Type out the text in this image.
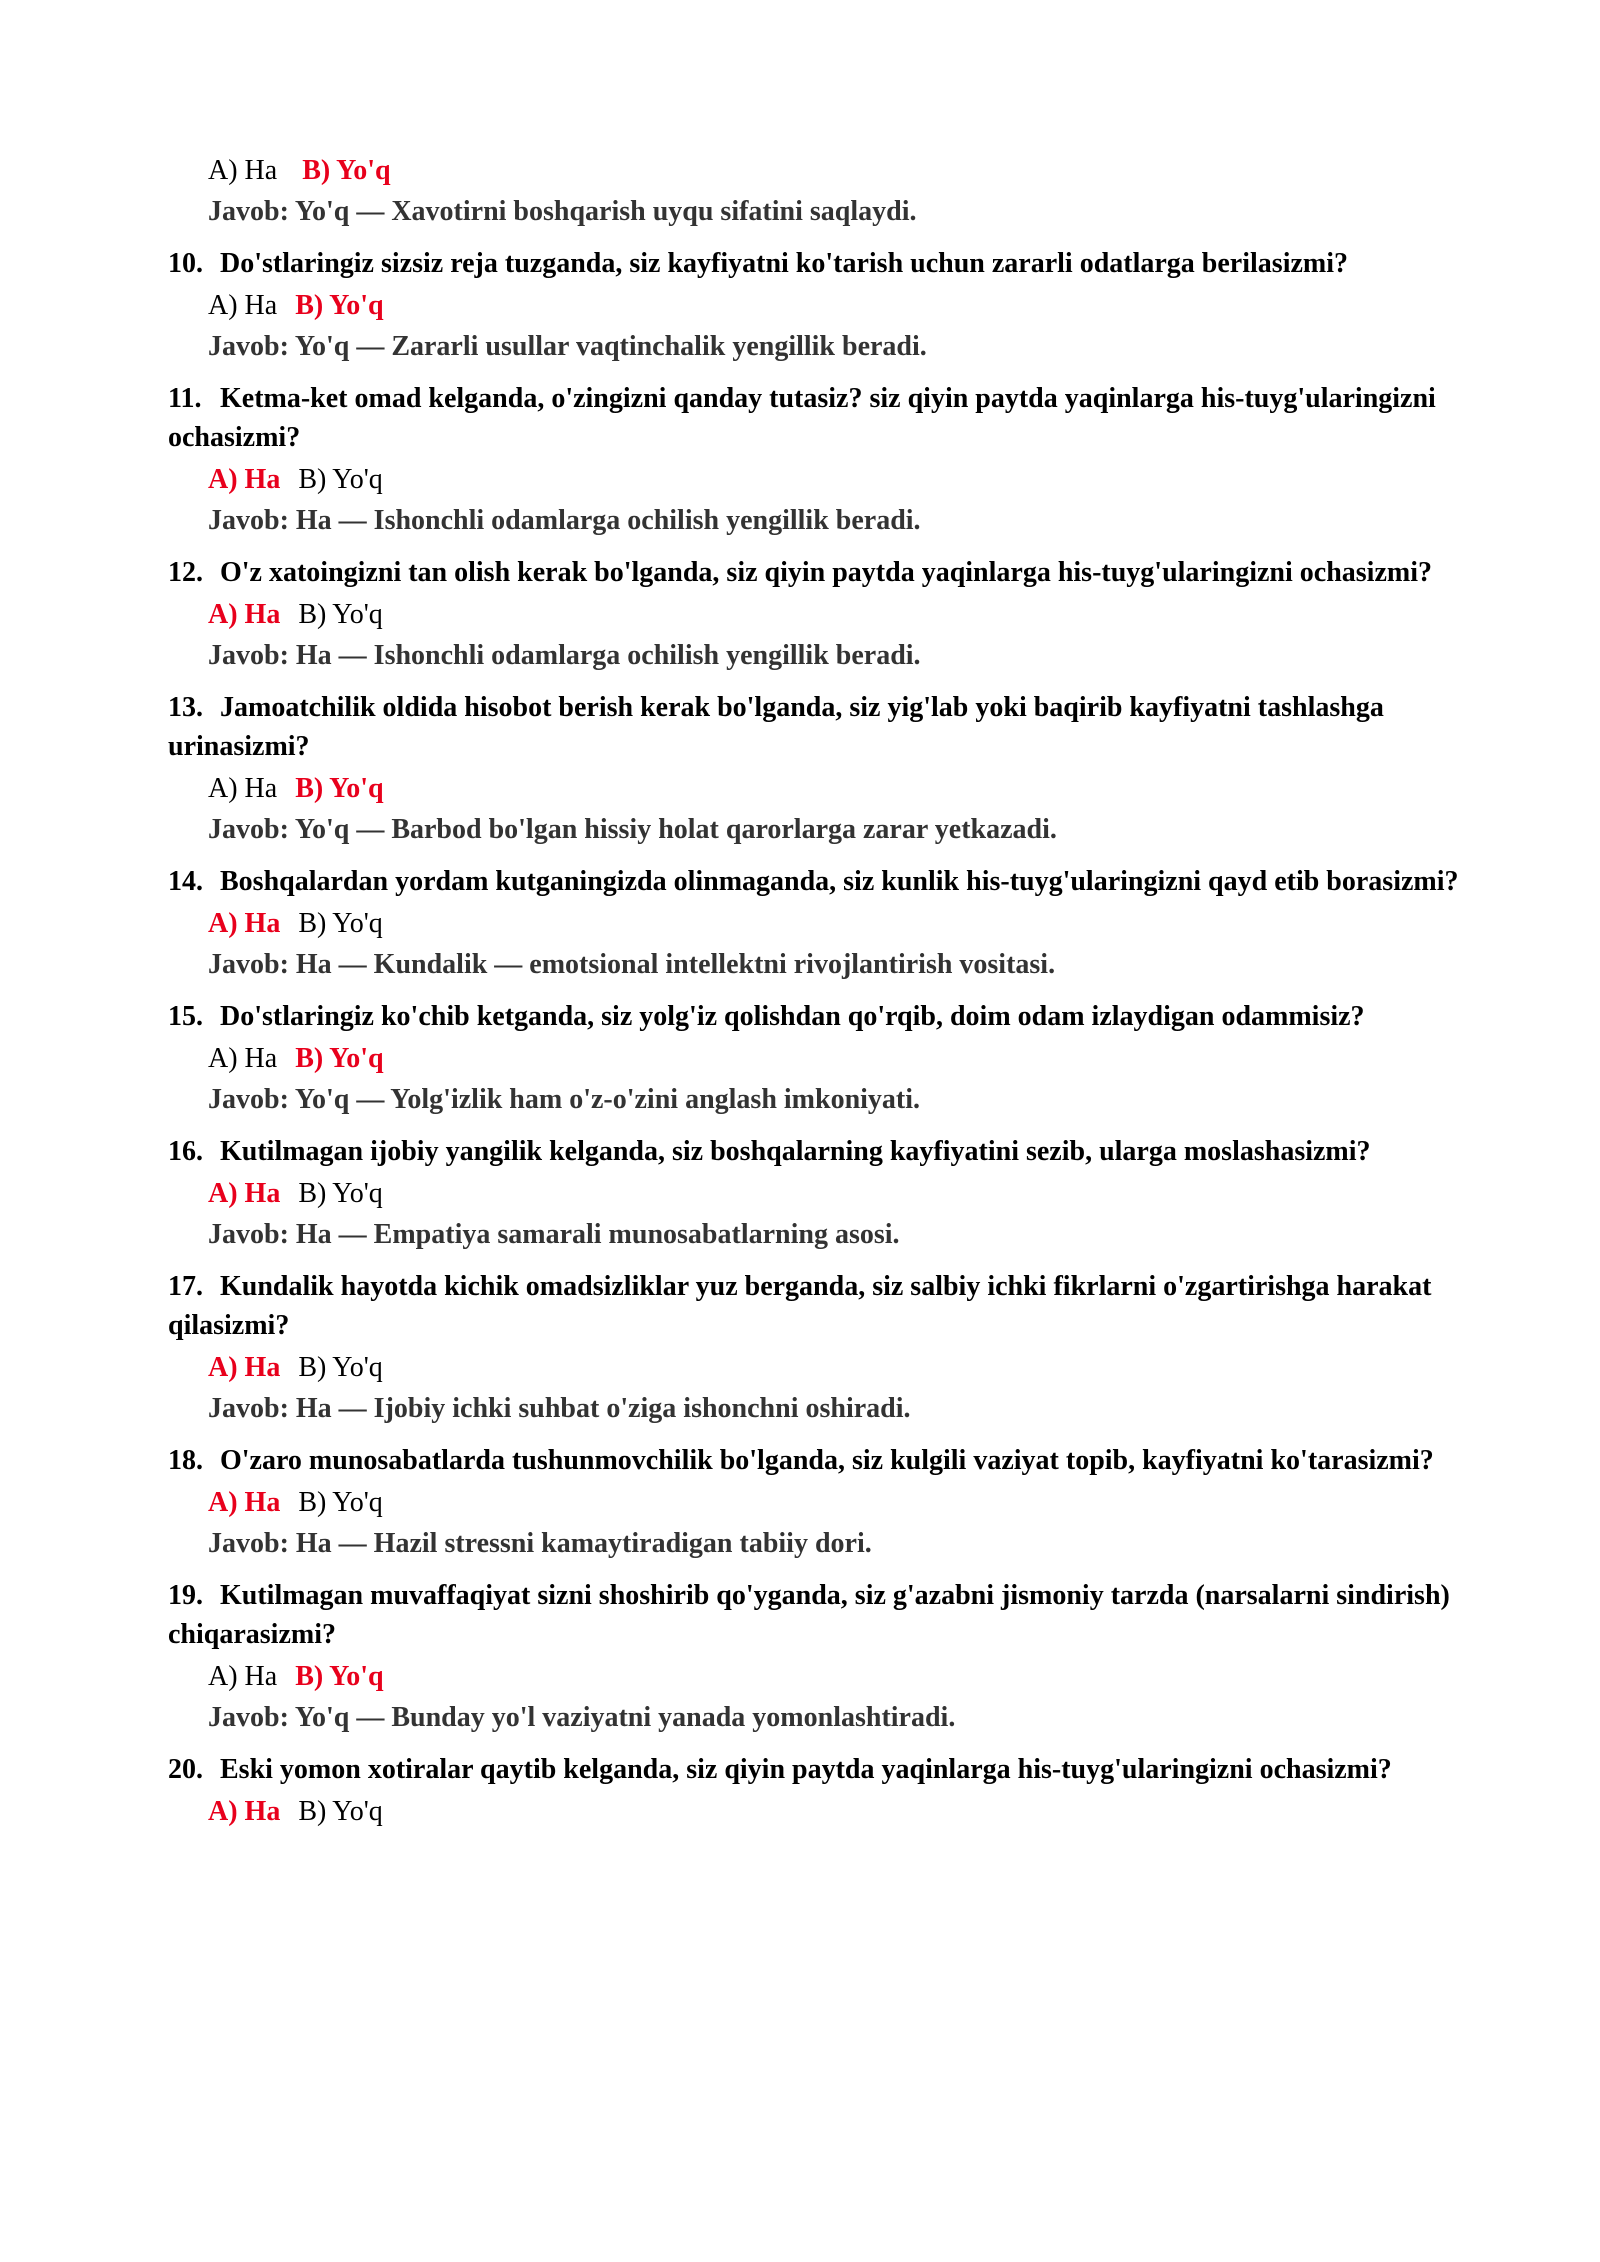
A) Ha B) Yo'q
Javob: Yo'q — Xavotirni boshqarish uyqu sifatini saqlaydi.
10. Do'stlaringiz sizsiz reja tuzganda, siz kayfiyatni ko'tarish uchun zararli odatlarga berilasizmi?
A) Ha B) Yo'q
Javob: Yo'q — Zararli usullar vaqtinchalik yengillik beradi.
11. Ketma-ket omad kelganda, o'zingizni qanday tutasiz? siz qiyin paytda yaqinlarga his-tuyg'ularingizni ochasizmi?
A) Ha B) Yo'q
Javob: Ha — Ishonchli odamlarga ochilish yengillik beradi.
12. O'z xatoingizni tan olish kerak bo'lganda, siz qiyin paytda yaqinlarga his-tuyg'ularingizni ochasizmi?
A) Ha B) Yo'q
Javob: Ha — Ishonchli odamlarga ochilish yengillik beradi.
13. Jamoatchilik oldida hisobot berish kerak bo'lganda, siz yig'lab yoki baqirib kayfiyatni tashlashga urinasizmi?
A) Ha B) Yo'q
Javob: Yo'q — Barbod bo'lgan hissiy holat qarorlarga zarar yetkazadi.
14. Boshqalardan yordam kutganingizda olinmaganda, siz kunlik his-tuyg'ularingizni qayd etib borasizmi?
A) Ha B) Yo'q
Javob: Ha — Kundalik — emotsional intellektni rivojlantirish vositasi.
15. Do'stlaringiz ko'chib ketganda, siz yolg'iz qolishdan qo'rqib, doim odam izlaydigan odammisiz?
A) Ha B) Yo'q
Javob: Yo'q — Yolg'izlik ham o'z-o'zini anglash imkoniyati.
16. Kutilmagan ijobiy yangilik kelganda, siz boshqalarning kayfiyatini sezib, ularga moslashasizmi?
A) Ha B) Yo'q
Javob: Ha — Empatiya samarali munosabatlarning asosi.
17. Kundalik hayotda kichik omadsizliklar yuz berganda, siz salbiy ichki fikrlarni o'zgartirishga harakat qilasizmi?
A) Ha B) Yo'q
Javob: Ha — Ijobiy ichki suhbat o'ziga ishonchni oshiradi.
18. O'zaro munosabatlarda tushunmovchilik bo'lganda, siz kulgili vaziyat topib, kayfiyatni ko'tarasizmi?
A) Ha B) Yo'q
Javob: Ha — Hazil stressni kamaytiradigan tabiiy dori.
19. Kutilmagan muvaffaqiyat sizni shoshirib qo'yganda, siz g'azabni jismoniy tarzda (narsalarni sindirish) chiqarasizmi?
A) Ha B) Yo'q
Javob: Yo'q — Bunday yo'l vaziyatni yanada yomonlashtiradi.
20. Eski yomon xotiralar qaytib kelganda, siz qiyin paytda yaqinlarga his-tuyg'ularingizni ochasizmi?
A) Ha B) Yo'q
